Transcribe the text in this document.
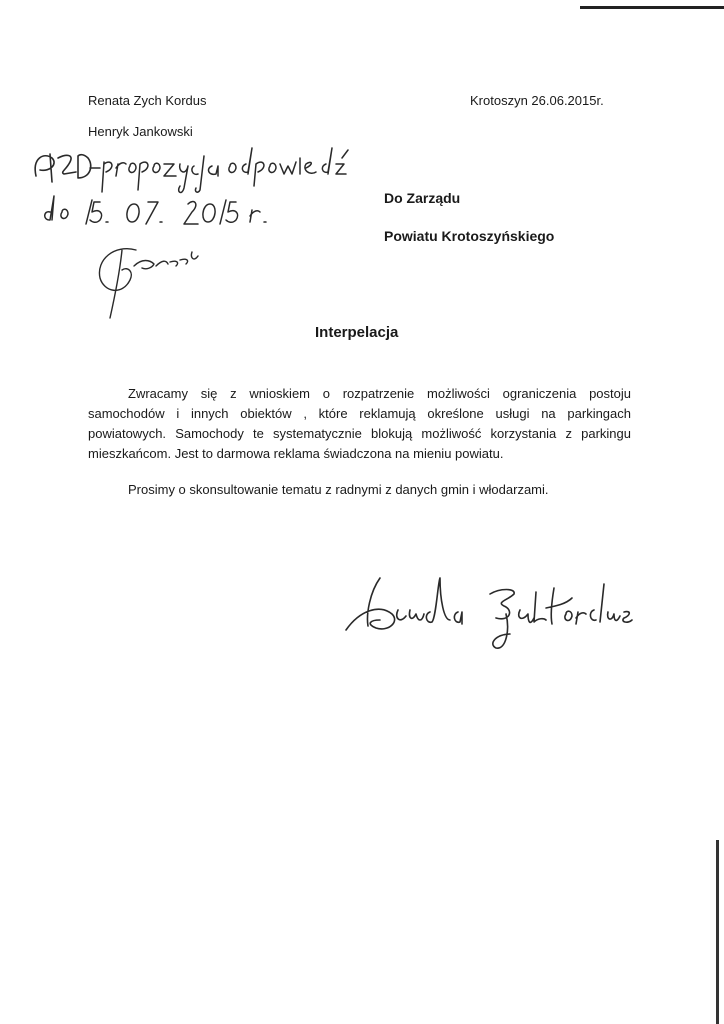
Renata Zych Kordus
Henryk Jankowski
Krotoszyn 26.06.2015r.
Do Zarządu
Powiatu Krotoszyńskiego
Interpelacja

Zwracamy się z wnioskiem o rozpatrzenie możliwości ograniczenia postoju samochodów i innych obiektów , które reklamują określone usługi na parkingach powiatowych. Samochody te systematycznie blokują możliwość korzystania z parkingu mieszkańcom. Jest to darmowa reklama świadczona na mieniu powiatu.

Prosimy o skonsultowanie tematu z radnymi z danych gmin i włodarzami.
